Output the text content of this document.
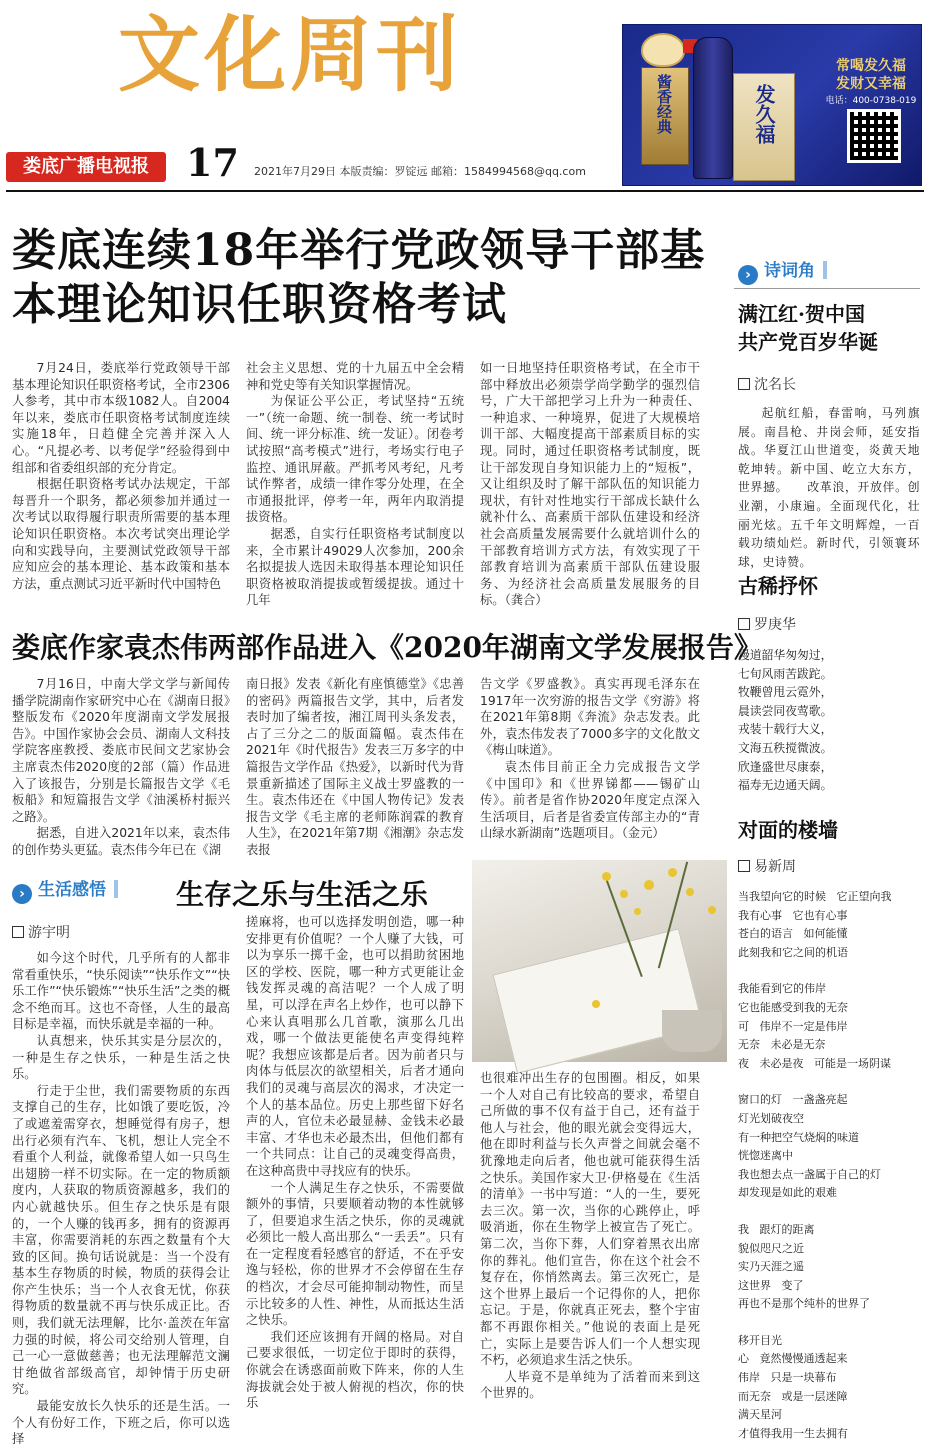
文化周刊
娄底广播电视报 17 2021年7月29日 本版责编：罗锭远 邮箱：1584994568@qq.com
酱香经典	发久福
常喝发久福
发财又幸福
电话：400-0738-019
娄底连续18年举行党政领导干部基本理论知识任职资格考试

7月24日，娄底举行党政领导干部基本理论知识任职资格考试，全市2306人参考，其中市本级1082人。自2004年以来，娄底市任职资格考试制度连续实施18年，日趋健全完善并深入人心。“凡提必考、以考促学”经验得到中组部和省委组织部的充分肯定。

根据任职资格考试办法规定，干部每晋升一个职务，都必须参加并通过一次考试以取得履行职责所需要的基本理论知识任职资格。本次考试突出理论学向和实践导向，主要测试党政领导干部应知应会的基本理论、基本政策和基本方法，重点测试习近平新时代中国特色

社会主义思想、党的十九届五中全会精神和党史等有关知识掌握情况。

为保证公平公正，考试坚持“五统一”（统一命题、统一制卷、统一考试时间、统一评分标准、统一发证）。闭卷考试按照“高考模式”进行，考场实行电子监控、通讯屏蔽。严抓考风考纪，凡考试作弊者，成绩一律作零分处理，在全市通报批评，停考一年，两年内取消提拔资格。

据悉，自实行任职资格考试制度以来，全市累计49029人次参加，200余名拟提拔人选因未取得基本理论知识任职资格被取消提拔或暂缓提拔。通过十几年

如一日地坚持任职资格考试，在全市干部中释放出必须崇学尚学勤学的强烈信号，广大干部把学习上升为一种责任、一种追求、一种境界，促进了大规模培训干部、大幅度提高干部素质目标的实现。同时，通过任职资格考试制度，既让干部发现自身知识能力上的“短板”，又让组织及时了解干部队伍的知识能力现状，有针对性地实行干部成长缺什么就补什么、高素质干部队伍建设和经济社会高质量发展需要什么就培训什么的干部教育培训方式方法，有效实现了干部教育培训为高素质干部队伍建设服务、为经济社会高质量发展服务的目标。（龚合）

娄底作家袁杰伟两部作品进入《2020年湖南文学发展报告》

7月16日，中南大学文学与新闻传播学院湖南作家研究中心在《湖南日报》整版发布《2020年度湖南文学发展报告》。中国作家协会会员、湖南人文科技学院客座教授、娄底市民间文艺家协会主席袁杰伟2020度的2部（篇）作品进入了该报告，分别是长篇报告文学《毛板船》和短篇报告文学《油溪桥村振兴之路》。

据悉，自进入2021年以来，袁杰伟的创作势头更猛。袁杰伟今年已在《湖

南日报》发表《新化有座慎德堂》《忠善的密码》两篇报告文学，其中，后者发表时加了编者按，湘江周刊头条发表，占了三分之二的版面篇幅。袁杰伟在2021年《时代报告》发表三万多字的中篇报告文学作品《热爱》，以新时代为背景重新描述了国际主义战士罗盛教的一生。袁杰伟还在《中国人物传记》发表报告文学《毛主席的老师陈润霖的教育人生》，在2021年第7期《湘潮》杂志发表报

告文学《罗盛教》。真实再现毛泽东在1917年一次穷游的报告文学《穷游》将在2021年第8期《奔流》杂志发表。此外，袁杰伟发表了7000多字的文化散文《梅山味道》。

袁杰伟目前正全力完成报告文学《中国印》和《世界锑都——锡矿山传》。前者是省作协2020年度定点深入生活项目，后者是省委宣传部主办的“青山绿水新湖南”选题项目。（金元）

› 生活感悟	生存之乐与生活之乐
游宇明

如今这个时代，几乎所有的人都非常看重快乐，“快乐阅读”“快乐作文”“快乐工作”“快乐锻炼”“快乐生活”之类的概念不绝而耳。这也不奇怪，人生的最高目标是幸福，而快乐就是幸福的一种。

认真想来，快乐其实是分层次的，一种是生存之快乐，一种是生活之快乐。

行走于尘世，我们需要物质的东西支撑自己的生存，比如饿了要吃饭，冷了或遮羞需穿衣，想睡觉得有房子，想出行必须有汽车、飞机，想让人完全不看重个人利益，就像希望人如一只鸟生出翅膀一样不切实际。在一定的物质额度内，人获取的物质资源越多，我们的内心就越快乐。但生存之快乐是有限的，一个人赚的钱再多，拥有的资源再丰富，你需要消耗的东西之数量有个大致的区间。换句话说就是：当一个没有基本生存物质的时候，物质的获得会让你产生快乐；当一个人衣食无忧，你获得物质的数量就不再与快乐成正比。否则，我们就无法理解，比尔·盖茨在年富力强的时候，将公司交给别人管理，自己一心一意做慈善；也无法理解范文澜甘绝做省部级高官，却钟情于历史研究。

最能安放长久快乐的还是生活。一个人有份好工作，下班之后，你可以选择

搓麻将，也可以选择发明创造，哪一种安排更有价值呢？一个人赚了大钱，可以为享乐一掷千金，也可以捐助贫困地区的学校、医院，哪一种方式更能让金钱发挥灵魂的高洁呢？一个人成了明星，可以浮在声名上炒作，也可以静下心来认真唱那么几首歌，演那么几出戏，哪一个做法更能使名声变得纯粹呢？我想应该都是后者。因为前者只与肉体与低层次的欲望相关，后者才通向我们的灵魂与高层次的渴求，才决定一个人的基本品位。历史上那些留下好名声的人，官位未必最显赫、金钱未必最丰富、才华也未必最杰出，但他们都有一个共同点：让自己的灵魂变得高贵，在这种高贵中寻找应有的快乐。

一个人满足生存之快乐，不需要做额外的事情，只要顺着动物的本性就够了，但要追求生活之快乐，你的灵魂就必须比一般人高出那么“一丢丢”。只有在一定程度看轻感官的舒适，不在乎安逸与轻松，你的世界才不会停留在生存的档次，才会尽可能抑制动物性，而呈示比较多的人性、神性，从而抵达生活之快乐。

我们还应该拥有开阔的格局。对自己要求很低，一切定位于即时的获得，你就会在诱惑面前败下阵来，你的人生海拔就会处于被人俯视的档次，你的快乐

也很难冲出生存的包围圈。相反，如果一个人对自己有比较高的要求，希望自己所做的事不仅有益于自己，还有益于他人与社会，他的眼光就会变得远大，他在即时利益与长久声誉之间就会毫不犹豫地走向后者，他也就可能获得生活之快乐。美国作家大卫·伊格曼在《生活的清单》一书中写道：“人的一生，要死去三次。第一次，当你的心跳停止，呼吸消逝，你在生物学上被宣告了死亡。第二次，当你下葬，人们穿着黑衣出席你的葬礼。他们宣告，你在这个社会不复存在，你悄然离去。第三次死亡，是这个世界上最后一个记得你的人，把你忘记。于是，你就真正死去，整个宇宙都不再跟你相关。”他说的表面上是死亡，实际上是要告诉人们一个人想实现不朽，必须追求生活之快乐。

人毕竟不是单纯为了活着而来到这个世界的。

› 诗词角
满江红·贺中国
共产党百岁华诞
沈名长
起航红船，春雷响，马列旗展。南昌枪、井岗会师，延安指战。华夏江山世道变，炎黄天地乾坤转。新中国、屹立大东方，世界撼。　　改革浪，开放伴。创业潮，小康遍。全面现代化，壮丽光炫。五千年文明辉煌，一百载功绩灿烂。新时代，引领寰环球，史诗赞。
古稀抒怀
罗庚华
漫道韶华匆匆过，
七旬风雨苦跋跎。
牧鞭曾甩云霓外，
晨读尝同夜莺歌。
戎装十载行大义，
文海五秩搅微波。
欣逢盛世尽康泰，
福寿无边通天阔。
对面的楼墙
易新周
当我望向它的时候   它正望向我
我有心事   它也有心事
苍白的语言   如何能懂
此刻我和它之间的机语
我能看到它的伟岸
它也能感受到我的无奈
可   伟岸不一定是伟岸
无奈   未必是无奈
夜   未必是夜   可能是一场阴谋
窗口的灯   一盏盏亮起
灯光划破夜空
有一种把空气烧焖的味道
恍惚迷离中
我也想去点一盏属于自己的灯
却发现是如此的艰难
我   跟灯的距离
貌似咫尺之近
实乃天涯之遥
这世界   变了
再也不是那个纯朴的世界了
移开目光
心   竟然慢慢通透起来
伟岸   只是一块幕布
而无奈   或是一层迷障
满天星河
才值得我用一生去拥有
